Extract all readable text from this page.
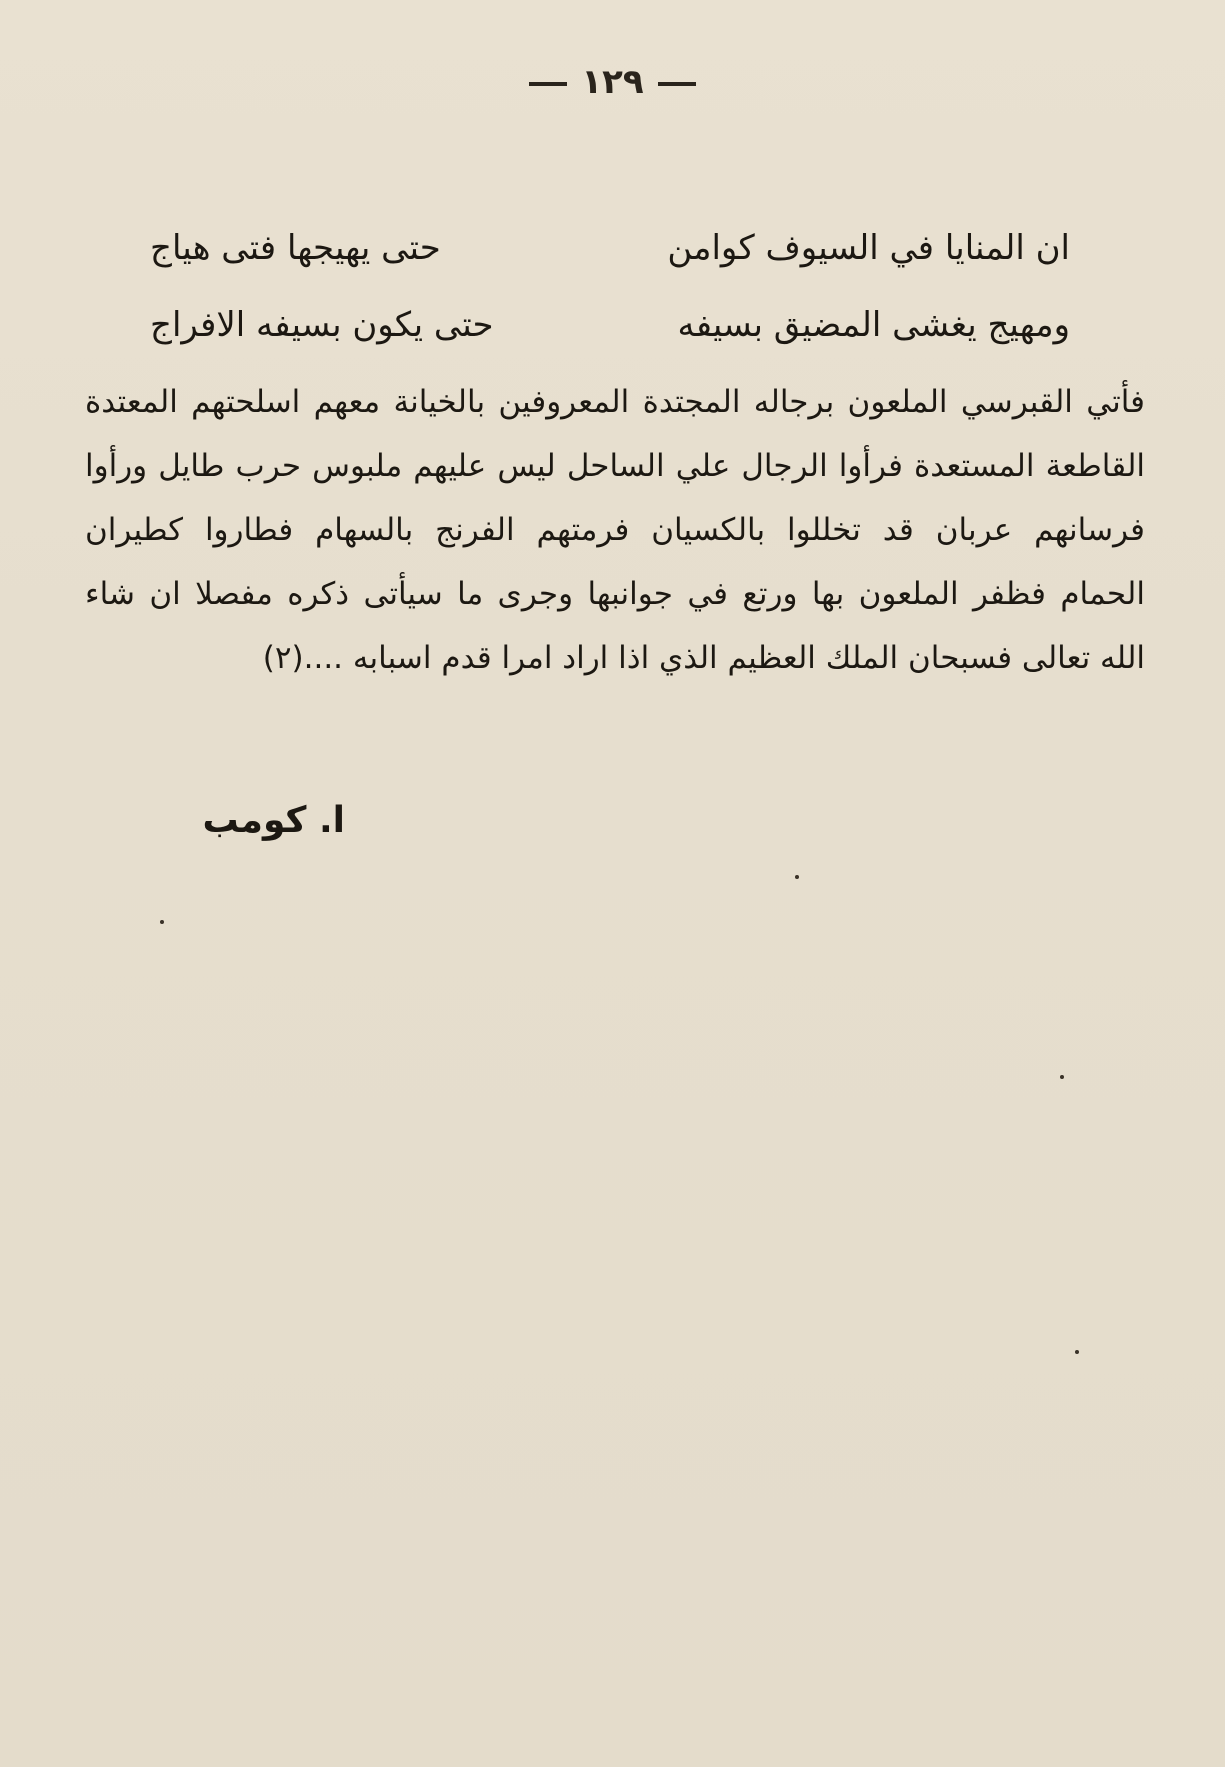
١٢٩
ان المنايا في السيوف كوامن
حتى يهيجها فتى هياج
ومهيج يغشى المضيق بسيفه
حتى يكون بسيفه الافراج
فأتي القبرسي الملعون برجاله المجتدة المعروفين بالخيانة معهم اسلحتهم المعتدة
القاطعة المستعدة فرأوا الرجال علي الساحل ليس عليهم ملبوس حرب طايل ورأوا
فرسانهم عربان قد تخللوا بالكسيان فرمتهم الفرنج بالسهام فطاروا كطيران
الحمام فظفر الملعون بها ورتع في جوانبها وجرى ما سيأتى ذكره مفصلا ان شاء
الله تعالى فسبحان الملك العظيم الذي اذا اراد امرا قدم اسبابه ....(٢)
ا. كومب
